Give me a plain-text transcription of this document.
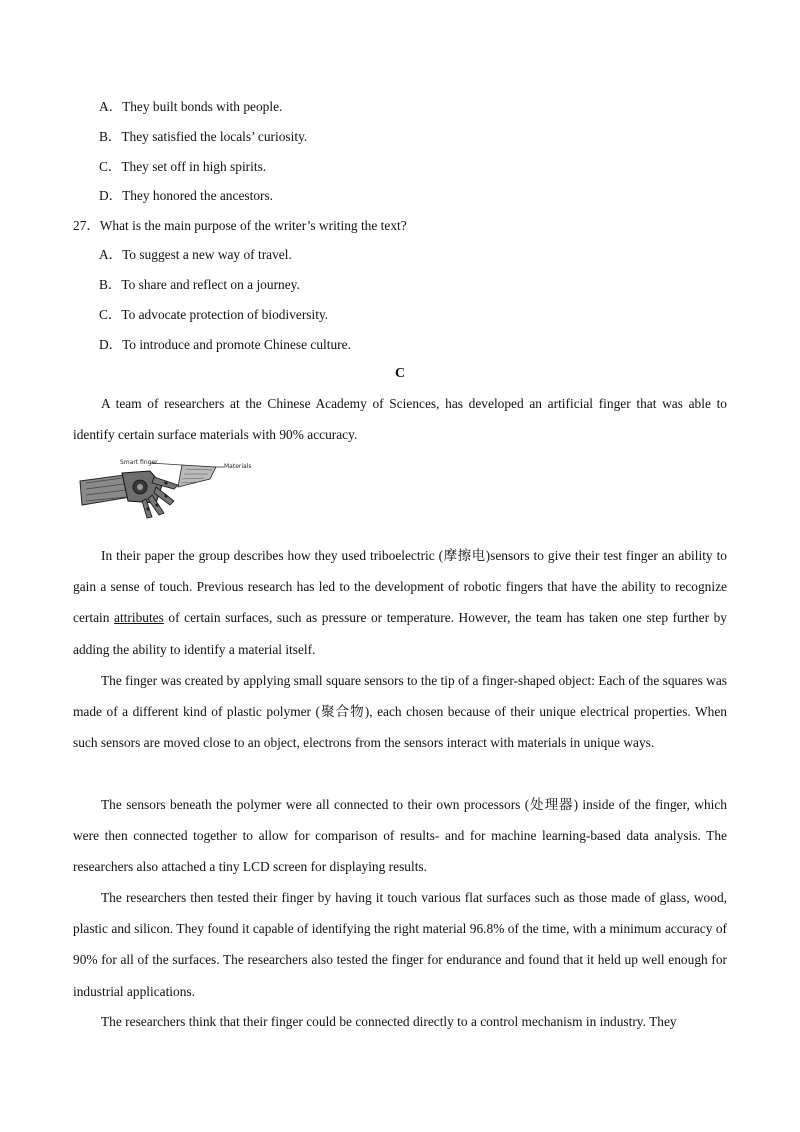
A．They built bonds with people.
B．They satisfied the locals’ curiosity.
C．They set off in high spirits.
D．They honored the ancestors.
27．What is the main purpose of the writer’s writing the text?
A．To suggest a new way of travel.
B．To share and reflect on a journey.
C．To advocate protection of biodiversity.
D．To introduce and promote Chinese culture.
C

A team of researchers at the Chinese Academy of Sciences, has developed an artificial finger that was able to identify certain surface materials with 90% accuracy.

Smart finger
Materials

In their paper the group describes how they used triboelectric (摩擦电)sensors to give their test finger an ability to gain a sense of touch. Previous research has led to the development of robotic fingers that have the ability to recognize certain attributes of certain surfaces, such as pressure or temperature. However, the team has taken one step further by adding the ability to identify a material itself.

The finger was created by applying small square sensors to the tip of a finger-shaped object: Each of the squares was made of a different kind of plastic polymer (聚合物), each chosen because of their unique electrical properties. When such sensors are moved close to an object, electrons from the sensors interact with materials in unique ways.

The sensors beneath the polymer were all connected to their own processors (处理器) inside of the finger, which were then connected together to allow for comparison of results- and for machine learning-based data analysis. The researchers also attached a tiny LCD screen for displaying results.

The researchers then tested their finger by having it touch various flat surfaces such as those made of glass, wood, plastic and silicon. They found it capable of identifying the right material 96.8% of the time, with a minimum accuracy of 90% for all of the surfaces. The researchers also tested the finger for endurance and found that it held up well enough for industrial applications.

The researchers think that their finger could be connected directly to a control mechanism in industry. They
